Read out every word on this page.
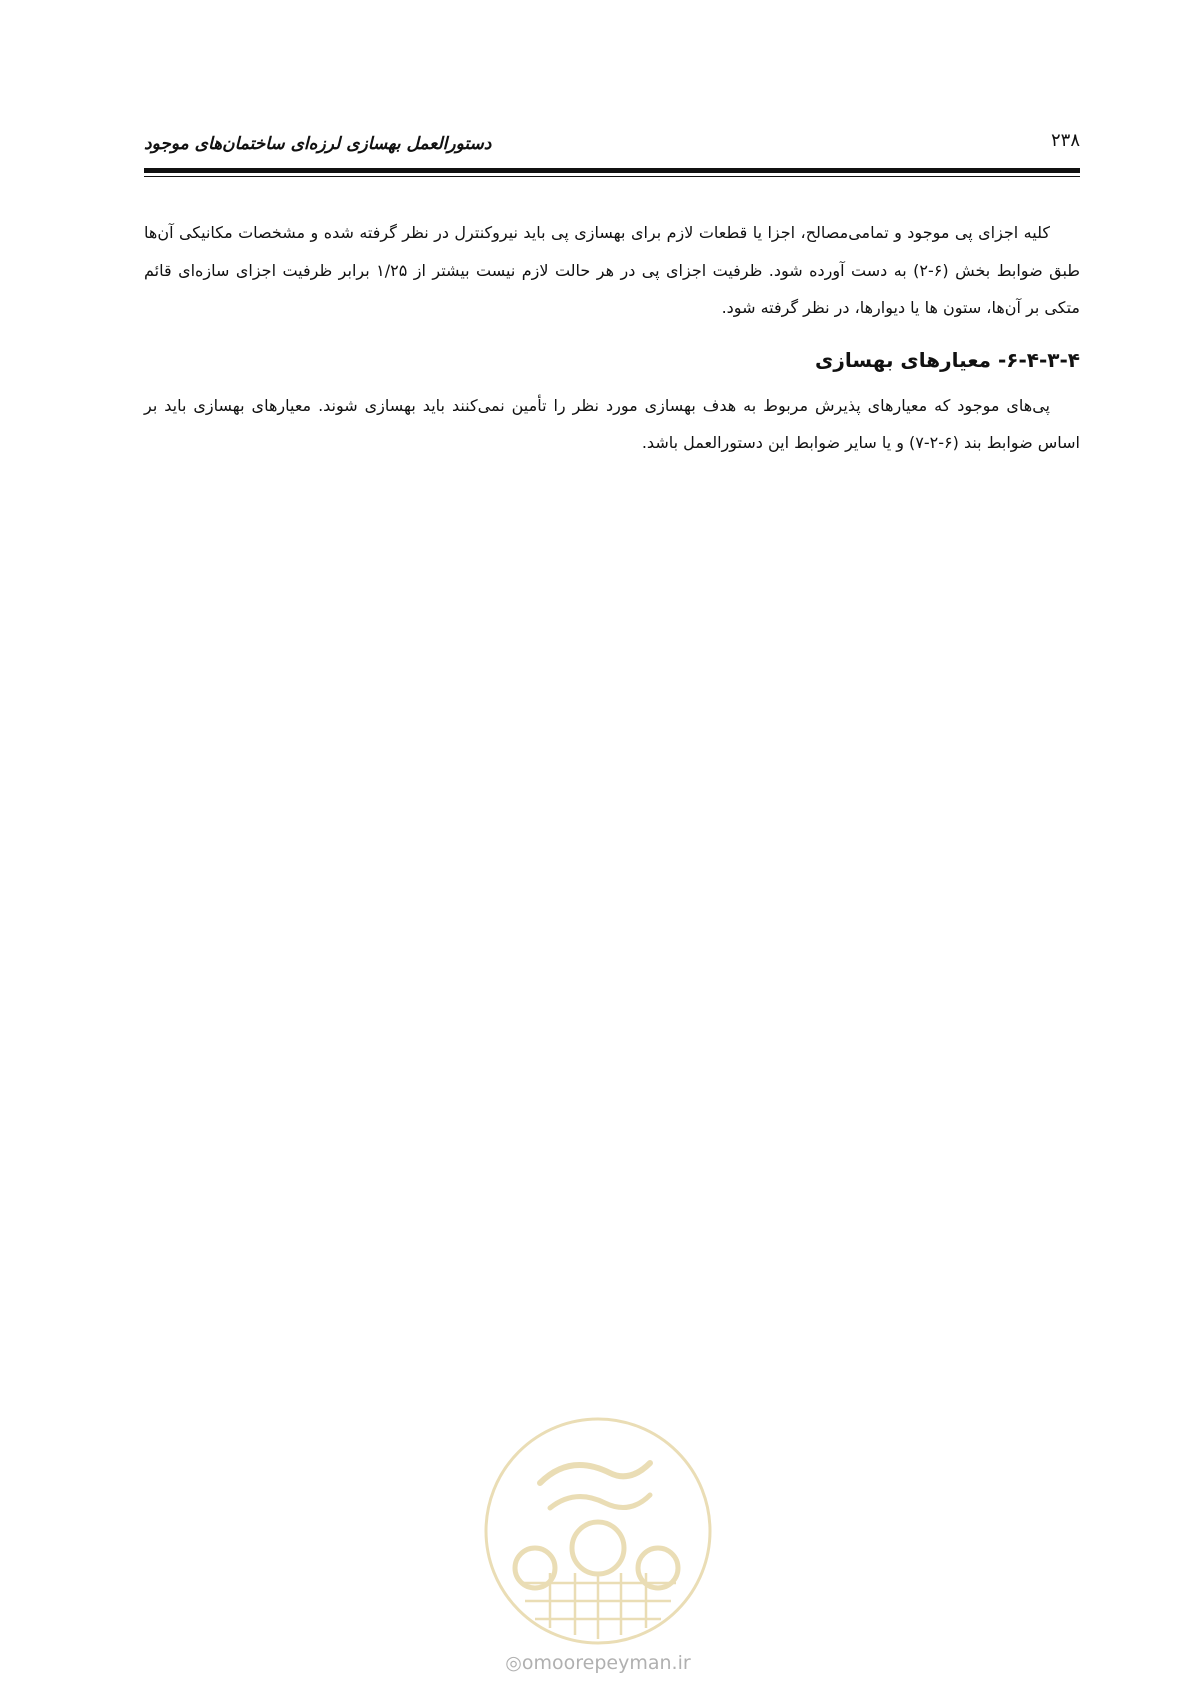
۲۳۸
دستورالعمل بهسازی لرزه‌ای ساختمان‌های موجود

کلیه اجزای پی موجود و تمامی‌مصالح، اجزا یا قطعات لازم برای بهسازی پی باید نیروکنترل در نظر گرفته شده و مشخصات مکانیکی آن‌ها طبق ضوابط بخش (۶-۲) به دست آورده شود. ظرفیت اجزای پی در هر حالت لازم نیست بیشتر از ۱/۲۵ برابر ظرفیت اجزای سازه‌ای قائم متکی بر آن‌ها، ستون ها یا دیوارها، در نظر گرفته شود.

۶-۴-۳-۴- معیارهای بهسازی

پی‌های موجود که معیارهای پذیرش مربوط به هدف بهسازی مورد نظر را تأمین نمی‌کنند باید بهسازی شوند. معیارهای بهسازی باید بر اساس ضوابط بند (۶-۲-۷) و یا سایر ضوابط این دستورالعمل باشد.

◎omoorepeyman.ir
